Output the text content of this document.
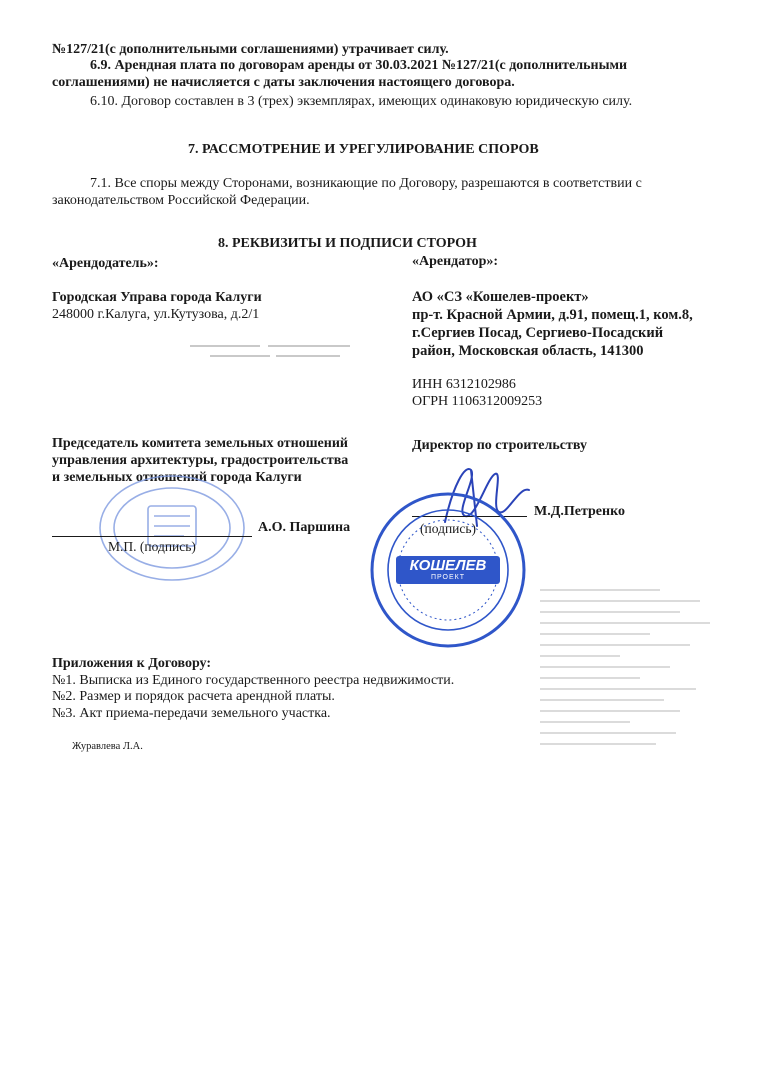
№127/21(с дополнительными соглашениями) утрачивает силу.
6.9. Арендная плата по договорам аренды от 30.03.2021 №127/21(с дополнительными
соглашениями) не начисляется с даты заключения настоящего договора.
6.10. Договор составлен в 3 (трех) экземплярах, имеющих одинаковую юридическую силу.
7. РАССМОТРЕНИЕ И УРЕГУЛИРОВАНИЕ СПОРОВ
7.1. Все споры между Сторонами, возникающие по Договору, разрешаются в соответствии с
законодательством Российской Федерации.
8. РЕКВИЗИТЫ И ПОДПИСИ СТОРОН
«Арендодатель»:
Городская Управа города Калуги
248000 г.Калуга, ул.Кутузова, д.2/1
«Арендатор»:
АО «СЗ «Кошелев-проект»
пр-т. Красной Армии, д.91, помещ.1, ком.8,
г.Сергиев Посад, Сергиево-Посадский
район, Московская область, 141300
ИНН 6312102986
ОГРН 1106312009253
Председатель комитета земельных отношений
управления архитектуры, градостроительства
и земельных отношений города Калуги
А.О. Паршина
М.П. (подпись)
Директор по строительству
М.Д.Петренко
(подпись)
КОШЕЛЕВ
ПРОЕКТ
Приложения к Договору:
№1. Выписка из Единого государственного реестра недвижимости.
№2. Размер и порядок расчета арендной платы.
№3. Акт приема-передачи земельного участка.
Журавлева Л.А.
